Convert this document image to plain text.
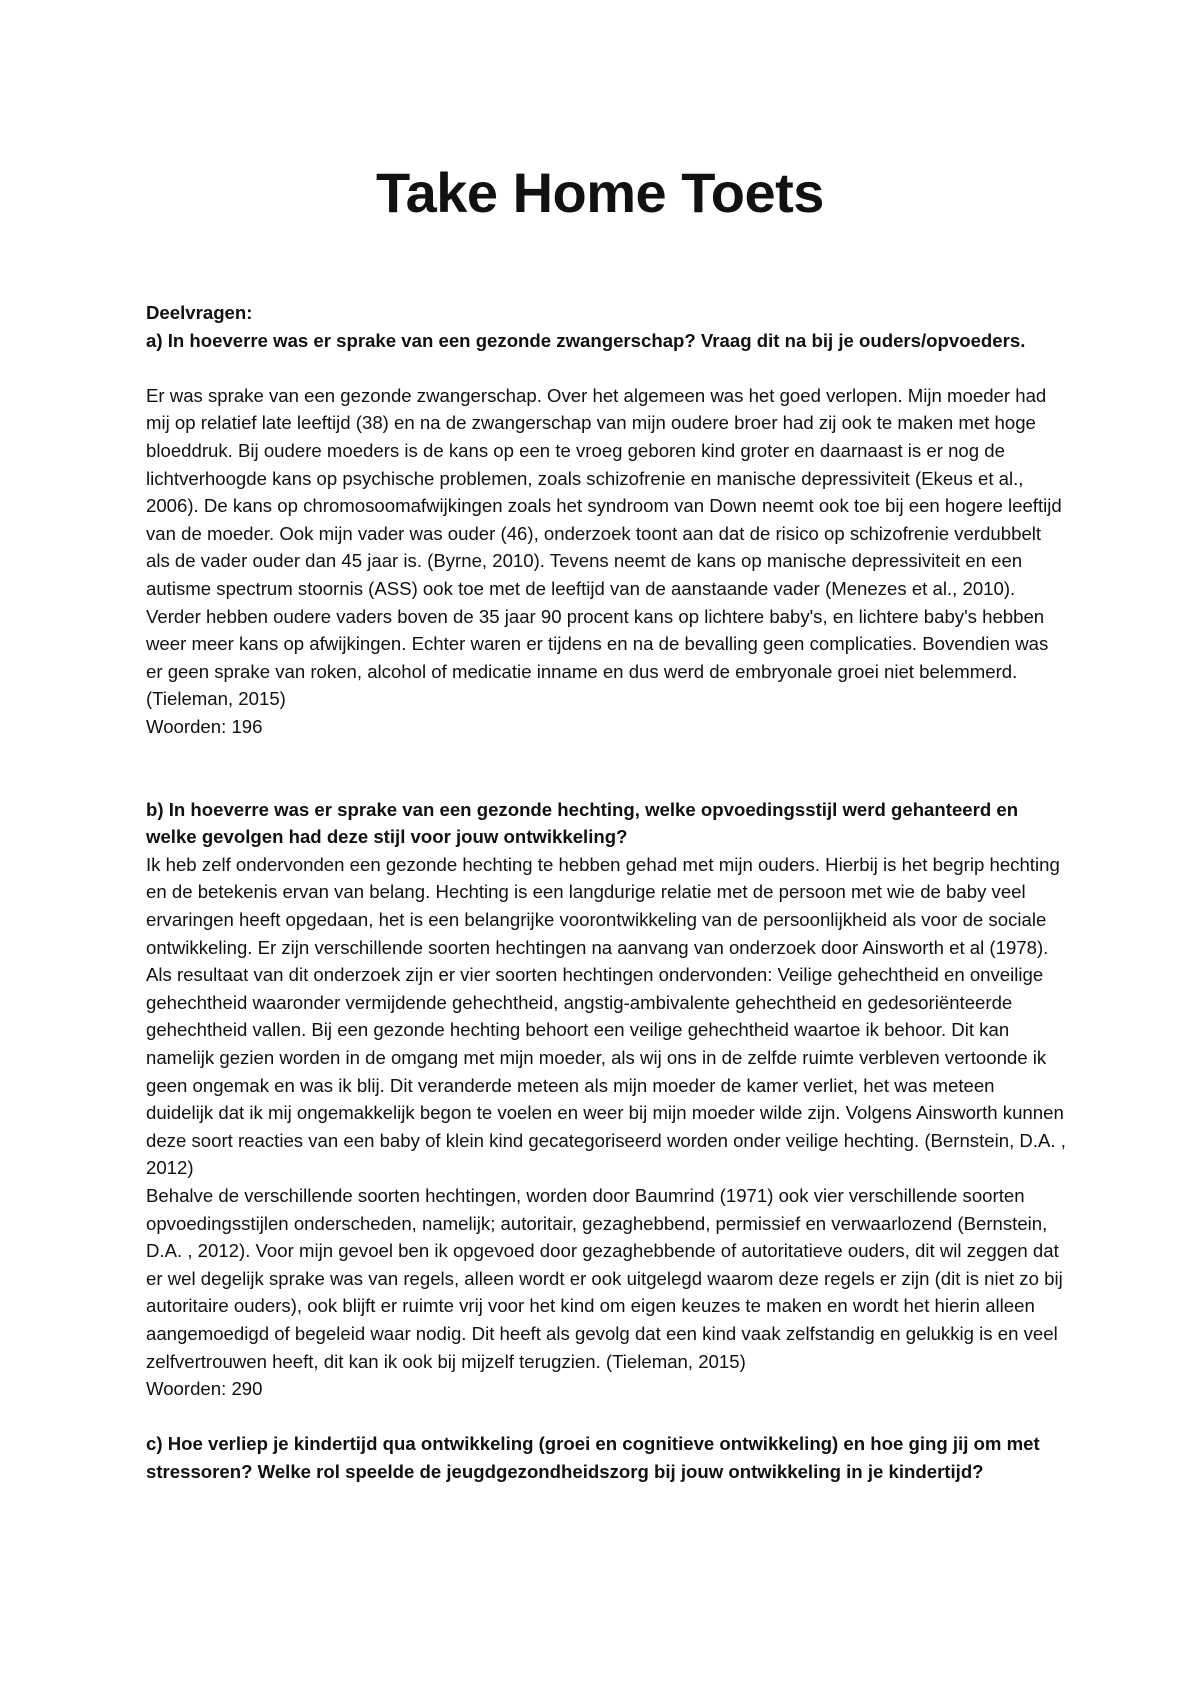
Take Home Toets

Deelvragen:

a) In hoeverre was er sprake van een gezonde zwangerschap? Vraag dit na bij je ouders/opvoeders.

Er was sprake van een gezonde zwangerschap. Over het algemeen was het goed verlopen. Mijn moeder had mij op relatief late leeftijd (38) en na de zwangerschap van mijn oudere broer had zij ook te maken met hoge bloeddruk. Bij oudere moeders is de kans op een te vroeg geboren kind groter en daarnaast is er nog de lichtverhoogde kans op psychische problemen, zoals schizofrenie en manische depressiviteit (Ekeus et al., 2006). De kans op chromosoomafwijkingen zoals het syndroom van Down neemt ook toe bij een hogere leeftijd van de moeder. Ook mijn vader was ouder (46), onderzoek toont aan dat de risico op schizofrenie verdubbelt als de vader ouder dan 45 jaar is. (Byrne, 2010). Tevens neemt de kans op manische depressiviteit en een autisme spectrum stoornis (ASS) ook toe met de leeftijd van de aanstaande vader (Menezes et al., 2010). Verder hebben oudere vaders boven de 35 jaar 90 procent kans op lichtere baby's, en lichtere baby's hebben weer meer kans op afwijkingen. Echter waren er tijdens en na de bevalling geen complicaties. Bovendien was er geen sprake van roken, alcohol of medicatie inname en dus werd de embryonale groei niet belemmerd.

(Tieleman, 2015)

Woorden: 196

b) In hoeverre was er sprake van een gezonde hechting, welke opvoedingsstijl werd gehanteerd en welke gevolgen had deze stijl voor jouw ontwikkeling?

Ik heb zelf ondervonden een gezonde hechting te hebben gehad met mijn ouders. Hierbij is het begrip hechting en de betekenis ervan van belang. Hechting is een langdurige relatie met de persoon met wie de baby veel ervaringen heeft opgedaan, het is een belangrijke voorontwikkeling van de persoonlijkheid als voor de sociale ontwikkeling. Er zijn verschillende soorten hechtingen na aanvang van onderzoek door Ainsworth et al (1978). Als resultaat van dit onderzoek zijn er vier soorten hechtingen ondervonden: Veilige gehechtheid en onveilige gehechtheid waaronder vermijdende gehechtheid, angstig-ambivalente gehechtheid en gedesoriënteerde gehechtheid vallen. Bij een gezonde hechting behoort een veilige gehechtheid waartoe ik behoor. Dit kan namelijk gezien worden in de omgang met mijn moeder, als wij ons in de zelfde ruimte verbleven vertoonde ik geen ongemak en was ik blij. Dit veranderde meteen als mijn moeder de kamer verliet, het was meteen duidelijk dat ik mij ongemakkelijk begon te voelen en weer bij mijn moeder wilde zijn. Volgens Ainsworth kunnen deze soort reacties van een baby of klein kind gecategoriseerd worden onder veilige hechting. (Bernstein, D.A. , 2012)

Behalve de verschillende soorten hechtingen, worden door Baumrind (1971) ook vier verschillende soorten opvoedingsstijlen onderscheden, namelijk; autoritair, gezaghebbend, permissief en verwaarlozend (Bernstein, D.A. , 2012). Voor mijn gevoel ben ik opgevoed door gezaghebbende of autoritatieve ouders, dit wil zeggen dat er wel degelijk sprake was van regels, alleen wordt er ook uitgelegd waarom deze regels er zijn (dit is niet zo bij autoritaire ouders), ook blijft er ruimte vrij voor het kind om eigen keuzes te maken en wordt het hierin alleen aangemoedigd of begeleid waar nodig. Dit heeft als gevolg dat een kind vaak zelfstandig en gelukkig is en veel zelfvertrouwen heeft, dit kan ik ook bij mijzelf terugzien. (Tieleman, 2015)

Woorden: 290

c) Hoe verliep je kindertijd qua ontwikkeling (groei en cognitieve ontwikkeling) en hoe ging jij om met stressoren? Welke rol speelde de jeugdgezondheidszorg bij jouw ontwikkeling in je kindertijd?
